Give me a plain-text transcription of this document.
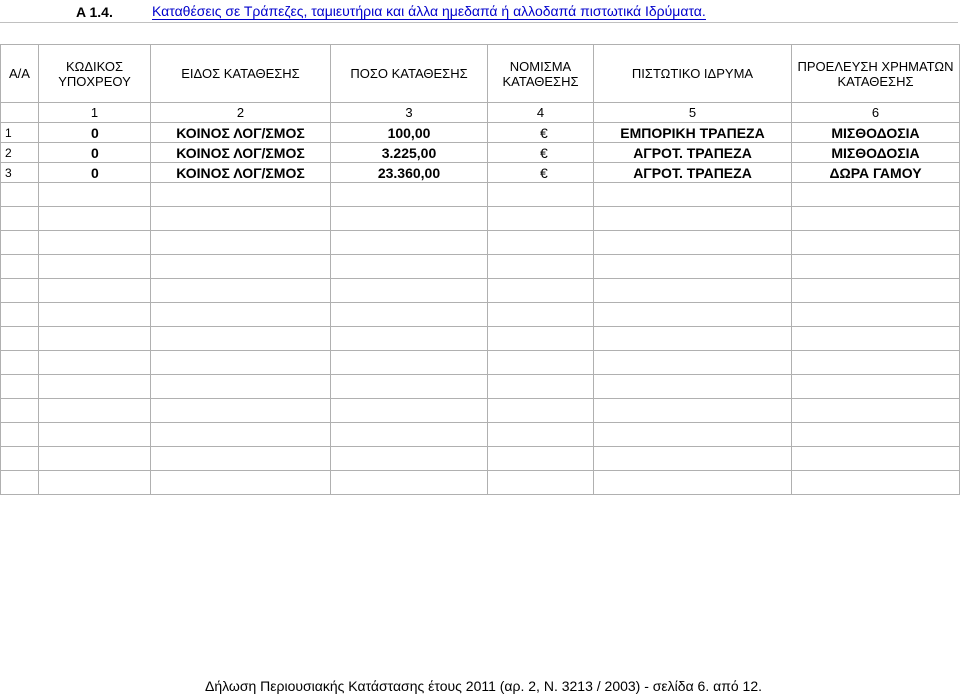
A 1.4.	Καταθέσεις σε Τράπεζες, ταμιευτήρια και άλλα ημεδαπά ή αλλοδαπά πιστωτικά Ιδρύματα.
Α/Α	ΚΩΔΙΚΟΣ ΥΠΟΧΡΕΟΥ	ΕΙΔΟΣ ΚΑΤΑΘΕΣΗΣ	ΠΟΣΟ ΚΑΤΑΘΕΣΗΣ	ΝΟΜΙΣΜΑ ΚΑΤΑΘΕΣΗΣ	ΠΙΣΤΩΤΙΚΟ ΙΔΡΥΜΑ	ΠΡΟΕΛΕΥΣΗ ΧΡΗΜΑΤΩΝ ΚΑΤΑΘΕΣΗΣ
	1	2	3	4	5	6
1	0	ΚΟΙΝΟΣ ΛΟΓ/ΣΜΟΣ	100,00	€	ΕΜΠΟΡΙΚΗ ΤΡΑΠΕΖΑ	ΜΙΣΘΟΔΟΣΙΑ
2	0	ΚΟΙΝΟΣ ΛΟΓ/ΣΜΟΣ	3.225,00	€	ΑΓΡΟΤ. ΤΡΑΠΕΖΑ	ΜΙΣΘΟΔΟΣΙΑ
3	0	ΚΟΙΝΟΣ ΛΟΓ/ΣΜΟΣ	23.360,00	€	ΑΓΡΟΤ. ΤΡΑΠΕΖΑ	ΔΩΡΑ ΓΑΜΟΥ

Δήλωση Περιουσιακής Κατάστασης έτους 2011 (αρ. 2, Ν. 3213 / 2003) - σελίδα 6. από 12.
